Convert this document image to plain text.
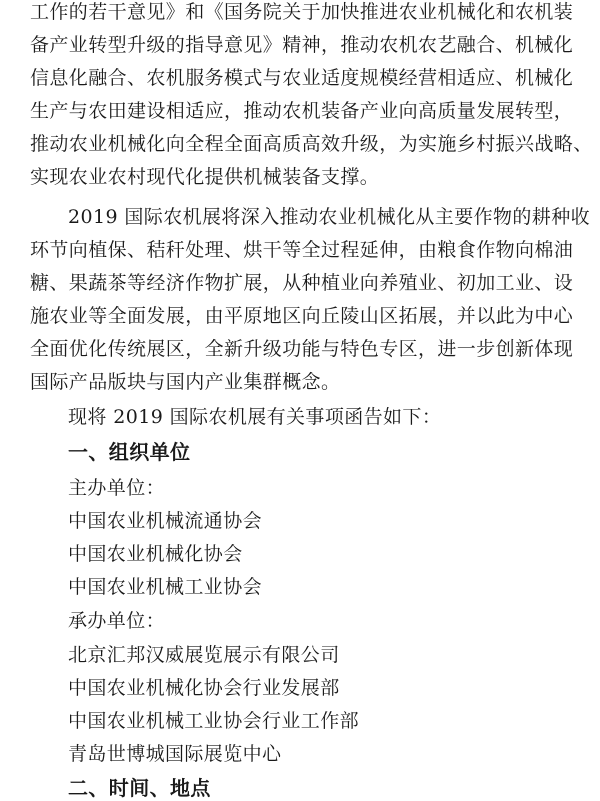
工作的若干意见》和《国务院关于加快推进农业机械化和农机装
备产业转型升级的指导意见》精神，推动农机农艺融合、机械化
信息化融合、农机服务模式与农业适度规模经营相适应、机械化
生产与农田建设相适应，推动农机装备产业向高质量发展转型，
推动农业机械化向全程全面高质高效升级，为实施乡村振兴战略、
实现农业农村现代化提供机械装备支撑。
2019 国际农机展将深入推动农业机械化从主要作物的耕种收
环节向植保、秸秆处理、烘干等全过程延伸，由粮食作物向棉油
糖、果蔬茶等经济作物扩展，从种植业向养殖业、初加工业、设
施农业等全面发展，由平原地区向丘陵山区拓展，并以此为中心
全面优化传统展区，全新升级功能与特色专区，进一步创新体现
国际产品版块与国内产业集群概念。
现将 2019 国际农机展有关事项函告如下：
一、组织单位
主办单位：
中国农业机械流通协会
中国农业机械化协会
中国农业机械工业协会
承办单位：
北京汇邦汉威展览展示有限公司
中国农业机械化协会行业发展部
中国农业机械工业协会行业工作部
青岛世博城国际展览中心
二、时间、地点
